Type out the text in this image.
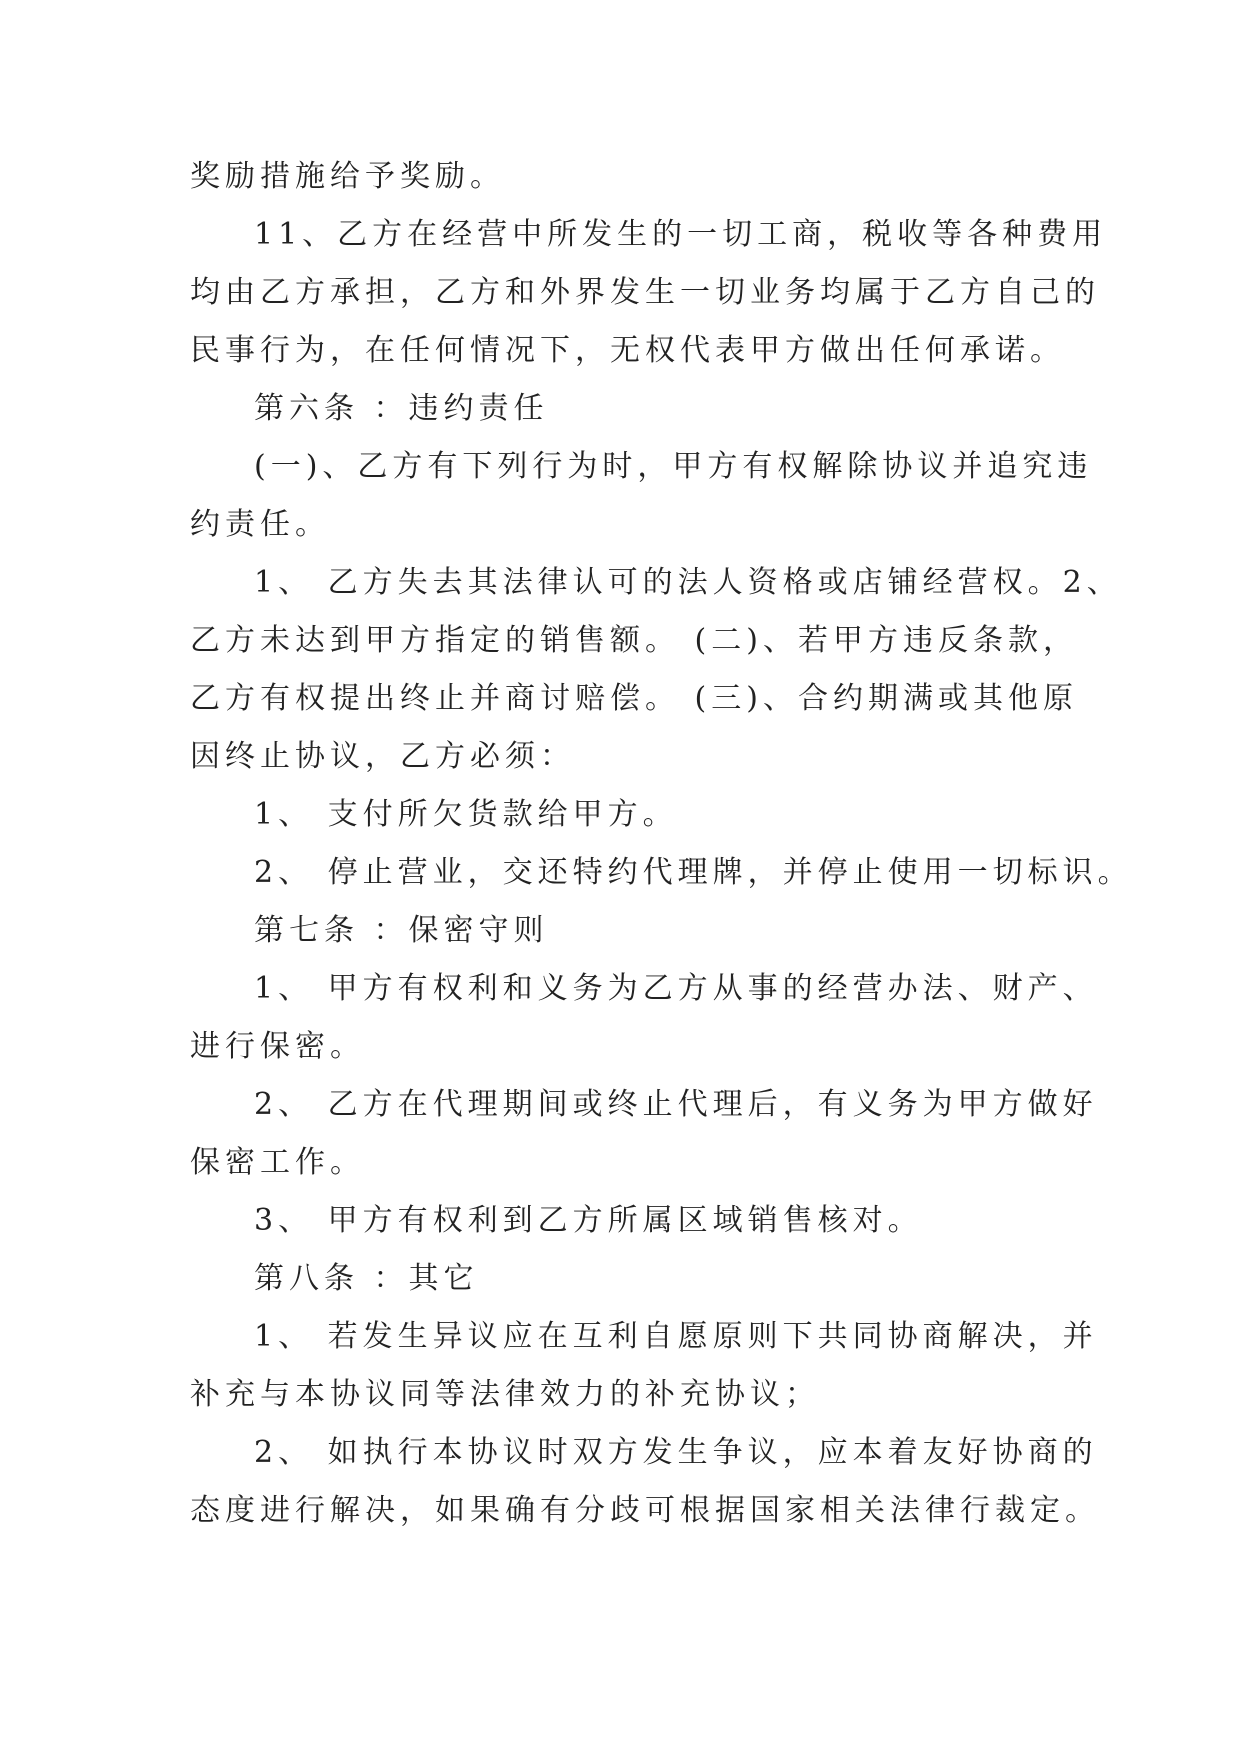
奖励措施给予奖励。
11、乙方在经营中所发生的一切工商，税收等各种费用
均由乙方承担，乙方和外界发生一切业务均属于乙方自己的
民事行为，在任何情况下，无权代表甲方做出任何承诺。
第六条 ：违约责任
(一)、乙方有下列行为时，甲方有权解除协议并追究违
约责任。
1、 乙方失去其法律认可的法人资格或店铺经营权。2、
乙方未达到甲方指定的销售额。 (二)、若甲方违反条款，
乙方有权提出终止并商讨赔偿。 (三)、合约期满或其他原
因终止协议，乙方必须：
1、 支付所欠货款给甲方。
2、 停止营业，交还特约代理牌，并停止使用一切标识。
第七条 ：保密守则
1、 甲方有权利和义务为乙方从事的经营办法、财产、
进行保密。
2、 乙方在代理期间或终止代理后，有义务为甲方做好
保密工作。
3、 甲方有权利到乙方所属区域销售核对。
第八条 ：其它
1、 若发生异议应在互利自愿原则下共同协商解决，并
补充与本协议同等法律效力的补充协议；
2、 如执行本协议时双方发生争议，应本着友好协商的
态度进行解决，如果确有分歧可根据国家相关法律行裁定。
